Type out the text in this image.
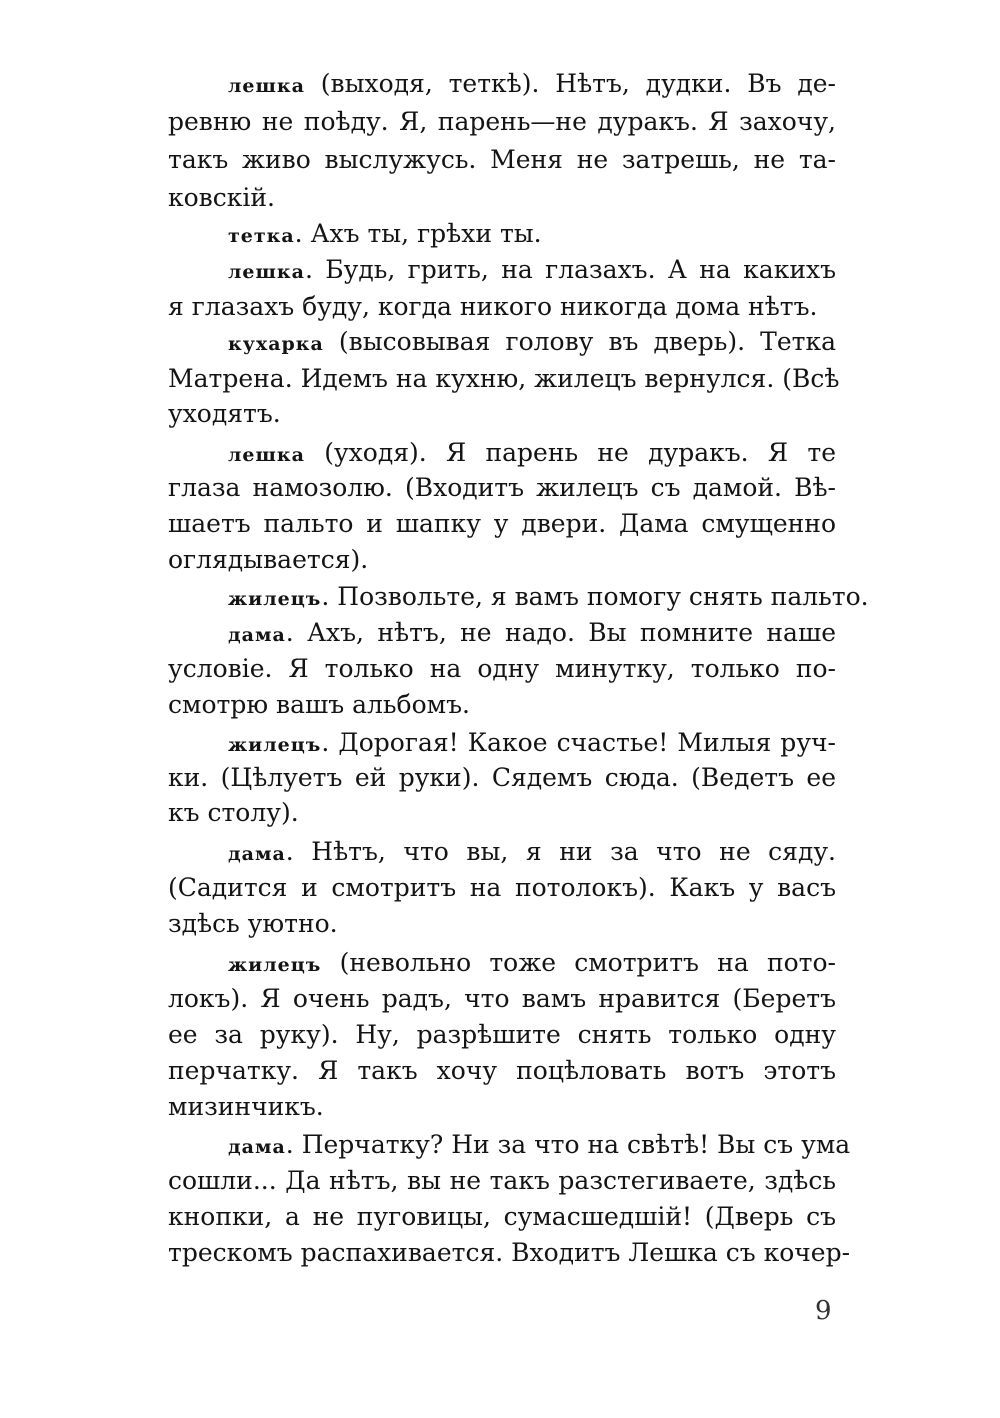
лешка (выходя, теткѣ). Нѣтъ, дудки. Въ де-
ревню не поѣду. Я, парень—не дуракъ. Я захочу,
такъ живо выслужусь. Меня не затрешь, не та-
ковскій.
тетка. Ахъ ты, грѣхи ты.
лешка. Будь, грить, на глазахъ. А на какихъ
я глазахъ буду, когда никого никогда дома нѣтъ.
кухарка (высовывая голову въ дверь). Тетка
Матрена. Идемъ на кухню, жилецъ вернулся. (Всѣ
уходятъ.
лешка (уходя). Я парень не дуракъ. Я те
глаза намозолю. (Входитъ жилецъ съ дамой. Вѣ-
шаетъ пальто и шапку у двери. Дама смущенно
оглядывается).
жилецъ. Позвольте, я вамъ помогу снять пальто.
дама. Ахъ, нѣтъ, не надо. Вы помните наше
условіе. Я только на одну минутку, только по-
смотрю вашъ альбомъ.
жилецъ. Дорогая! Какое счастье! Милыя руч-
ки. (Цѣлуетъ ей руки). Сядемъ сюда. (Ведетъ ее
къ столу).
дама. Нѣтъ, что вы, я ни за что не сяду.
(Садится и смотритъ на потолокъ). Какъ у васъ
здѣсь уютно.
жилецъ (невольно тоже смотритъ на пото-
локъ). Я очень радъ, что вамъ нравится (Беретъ
ее за руку). Ну, разрѣшите снять только одну
перчатку. Я такъ хочу поцѣловать вотъ этотъ
мизинчикъ.
дама. Перчатку? Ни за что на свѣтѣ! Вы съ ума
сошли... Да нѣтъ, вы не такъ разстегиваете, здѣсь
кнопки, а не пуговицы, сумасшедшій! (Дверь съ
трескомъ распахивается. Входитъ Лешка съ кочер-
9
